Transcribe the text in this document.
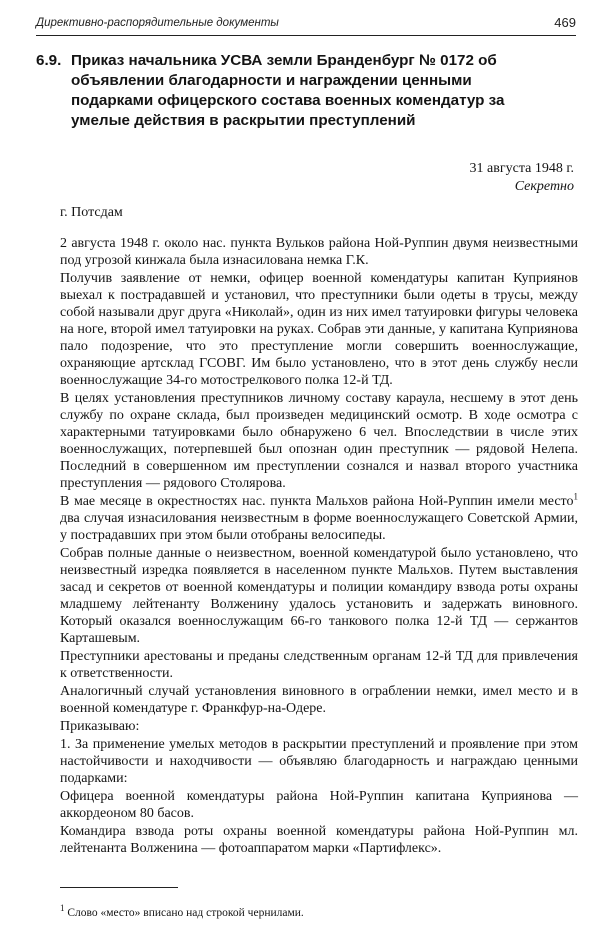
Директивно-распорядительные документы	469
6.9. Приказ начальника УСВА земли Бранденбург № 0172 об объявлении благодарности и награждении ценными подарками офицерского состава военных комендатур за умелые действия в раскрытии преступлений
31 августа 1948 г.
Секретно
г. Потсдам

2 августа 1948 г. около нас. пункта Вульков района Ной-Руппин двумя неизвестными под угрозой кинжала была изнасилована немка Г.К.

Получив заявление от немки, офицер военной комендатуры капитан Куприянов выехал к пострадавшей и установил, что преступники были одеты в трусы, между собой называли друг друга «Николай», один из них имел татуировки фигуры человека на ноге, второй имел татуировки на руках. Собрав эти данные, у капитана Куприянова пало подозрение, что это преступление могли совершить военнослужащие, охраняющие артсклад ГСОВГ. Им было установлено, что в этот день службу несли военнослужащие 34-го мотострелкового полка 12-й ТД.

В целях установления преступников личному составу караула, несшему в этот день службу по охране склада, был произведен медицинский осмотр. В ходе осмотра с характерными татуировками было обнаружено 6 чел. Впоследствии в числе этих военнослужащих, потерпевшей был опознан один преступник — рядовой Нелепа. Последний в совершенном им преступлении сознался и назвал второго участника преступления — рядового Столярова.

В мае месяце в окрестностях нас. пункта Мальхов района Ной-Руппин имели место$^1$ два случая изнасилования неизвестным в форме военнослужащего Советской Армии, у пострадавших при этом были отобраны велосипеды.

Собрав полные данные о неизвестном, военной комендатурой было установлено, что неизвестный изредка появляется в населенном пункте Мальхов. Путем выставления засад и секретов от военной комендатуры и полиции командиру взвода роты охраны младшему лейтенанту Волженину удалось установить и задержать виновного. Который оказался военнослужащим 66-го танкового полка 12-й ТД — сержантов Карташевым.

Преступники арестованы и преданы следственным органам 12-й ТД для привлечения к ответственности.

Аналогичный случай установления виновного в ограблении немки, имел место и в военной комендатуре г. Франкфур-на-Одере.

Приказываю:

1. За применение умелых методов в раскрытии преступлений и проявление при этом настойчивости и находчивости — объявляю благодарность и награждаю ценными подарками:

Офицера военной комендатуры района Ной-Руппин капитана Куприянова — аккордеоном 80 басов.

Командира взвода роты охраны военной комендатуры района Ной-Руппин мл. лейтенанта Волженина — фотоаппаратом марки «Партифлекс».

$^1$ Слово «место» вписано над строкой чернилами.
